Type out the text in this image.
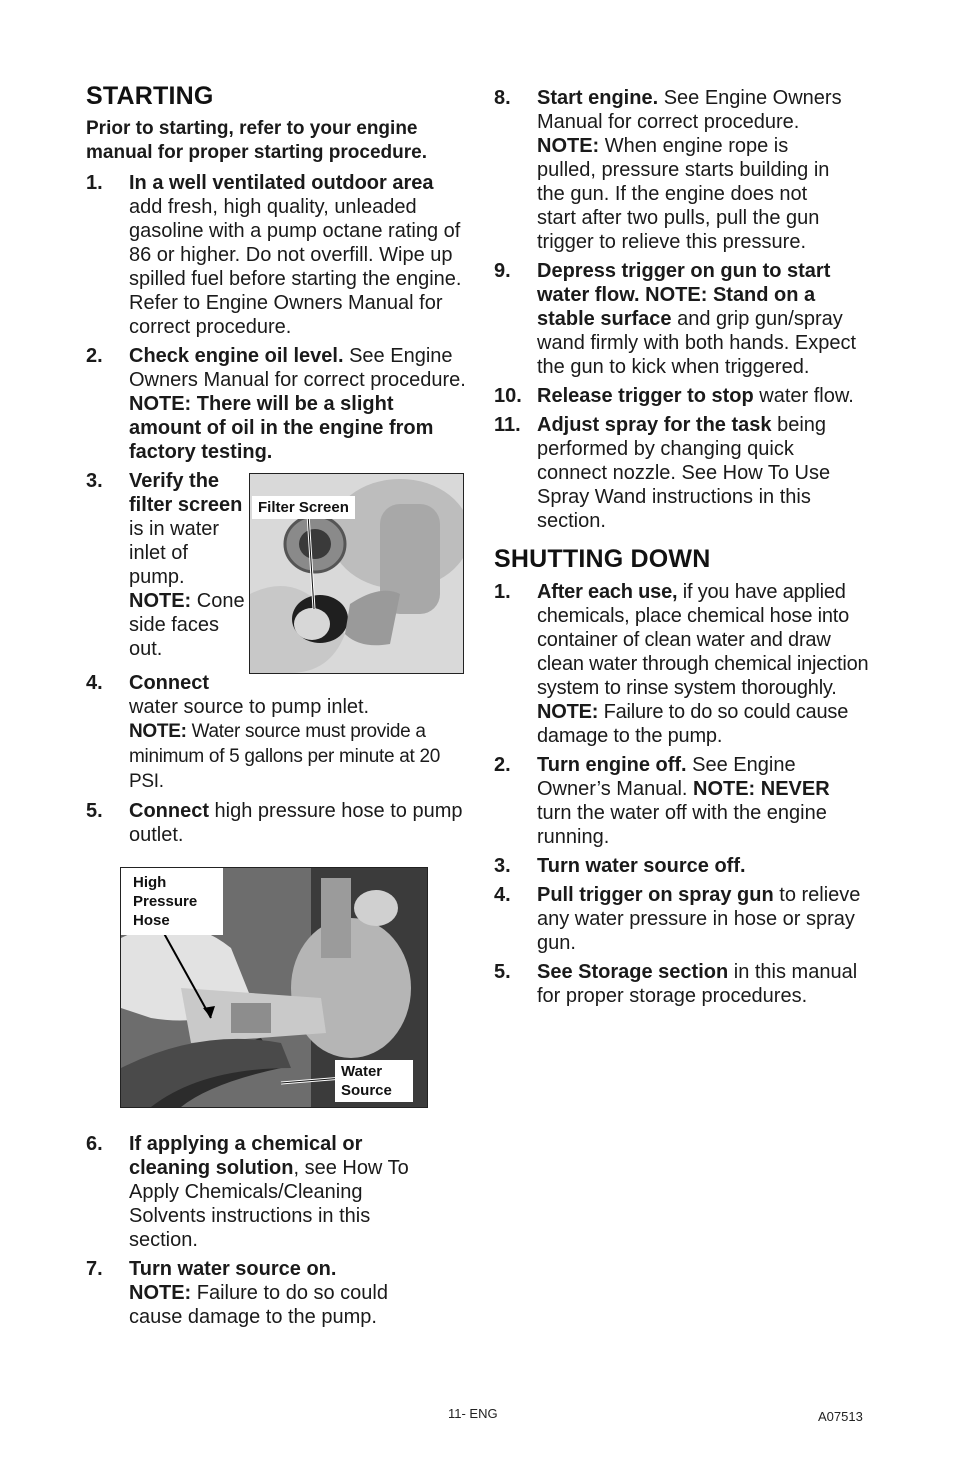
STARTING

Prior to starting, refer to your engine manual for proper starting procedure.

1.	In a well ventilated outdoor area add fresh, high quality, unleaded gasoline with a pump octane rating of 86 or higher. Do not overfill. Wipe up spilled fuel before starting the engine. Refer to Engine Owners Manual for correct procedure.
2.	Check engine oil level. See Engine Owners Manual for correct procedure. NOTE: There will be a slight amount of oil in the engine from factory testing.
3.	Verify the filter screen is in water inlet of pump. NOTE: Cone side faces out.
Filter Screen
4.	Connect
water source to pump inlet.
NOTE: Water source must provide a minimum of 5 gallons per minute at 20 PSI.
5.	Connect high pressure hose to pump outlet.
High Pressure Hose
Water Source
6.	If applying a chemical or cleaning solution, see How To Apply Chemicals/Cleaning Solvents instructions in this section.
7.	Turn water source on.
NOTE: Failure to do so could cause damage to the pump.
8.	Start engine. See Engine Owners Manual for correct procedure. NOTE: When engine rope is pulled, pressure starts building in the gun. If the engine does not start after two pulls, pull the gun trigger to relieve this pressure.
9.	Depress trigger on gun to start water flow. NOTE: Stand on a stable surface and grip gun/spray wand firmly with both hands. Expect the gun to kick when triggered.
10. Release trigger to stop water flow.
11. Adjust spray for the task being performed by changing quick connect nozzle. See How To Use Spray Wand instructions in this section.
SHUTTING DOWN
1.	After each use, if you have applied chemicals, place chemical hose into container of clean water and draw clean water through chemical injection system to rinse system thoroughly. NOTE: Failure to do so could cause damage to the pump.
2.	Turn engine off. See Engine Owner’s Manual. NOTE: NEVER turn the water off with the engine running.
3.	Turn water source off.
4.	Pull trigger on spray gun to relieve any water pressure in hose or spray gun.
5.	See Storage section in this manual for proper storage procedures.
11- ENG	A07513
